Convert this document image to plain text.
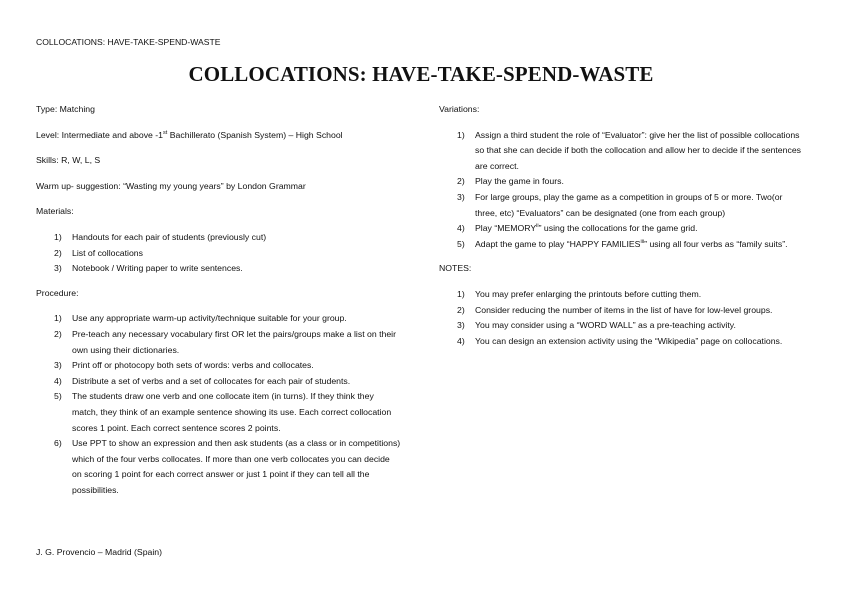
COLLOCATIONS: HAVE-TAKE-SPEND-WASTE
COLLOCATIONS: HAVE-TAKE-SPEND-WASTE

Type: Matching

Level: Intermediate and above -1st Bachillerato (Spanish System) – High School

Skills: R, W, L, S

Warm up- suggestion: “Wasting my young years” by London Grammar

Materials:

1) Handouts for each pair of students (previously cut)
2) List of collocations
3) Notebook / Writing paper to write sentences.

Procedure:

1) Use any appropriate warm-up activity/technique suitable for your group.
2) Pre-teach any necessary vocabulary first OR let the pairs/groups make a list on their own using their dictionaries.
3) Print off or photocopy both sets of words: verbs and collocates.
4) Distribute a set of verbs and a set of collocates for each pair of students.
5) The students draw one verb and one collocate item (in turns). If they think they match, they think of an example sentence showing its use. Each correct collocation scores 1 point. Each correct sentence scores 2 points.
6) Use PPT to show an expression and then ask students (as a class or in competitions) which of the four verbs collocates. If more than one verb collocates you can decide on scoring 1 point for each correct answer or just 1 point if they can tell all the possibilities.

Variations:

1) Assign a third student the role of “Evaluator”: give her the list of possible collocations so that she can decide if both the collocation and allow her to decide if the sentences are correct.
2) Play the game in fours.
3) For large groups, play the game as a competition in groups of 5 or more. Two(or three, etc) “Evaluators” can be designated (one from each group)
4) Play “MEMORY$^{ii}$” using the collocations for the game grid.
5) Adapt the game to play “HAPPY FAMILIES$^{iii}$” using all four verbs as “family suits”.

NOTES:

1) You may prefer enlarging the printouts before cutting them.
2) Consider reducing the number of items in the list of have for low-level groups.
3) You may consider using a “WORD WALL” as a pre-teaching activity.
4) You can design an extension activity using the “Wikipedia” page on collocations.
J. G. Provencio – Madrid (Spain)
